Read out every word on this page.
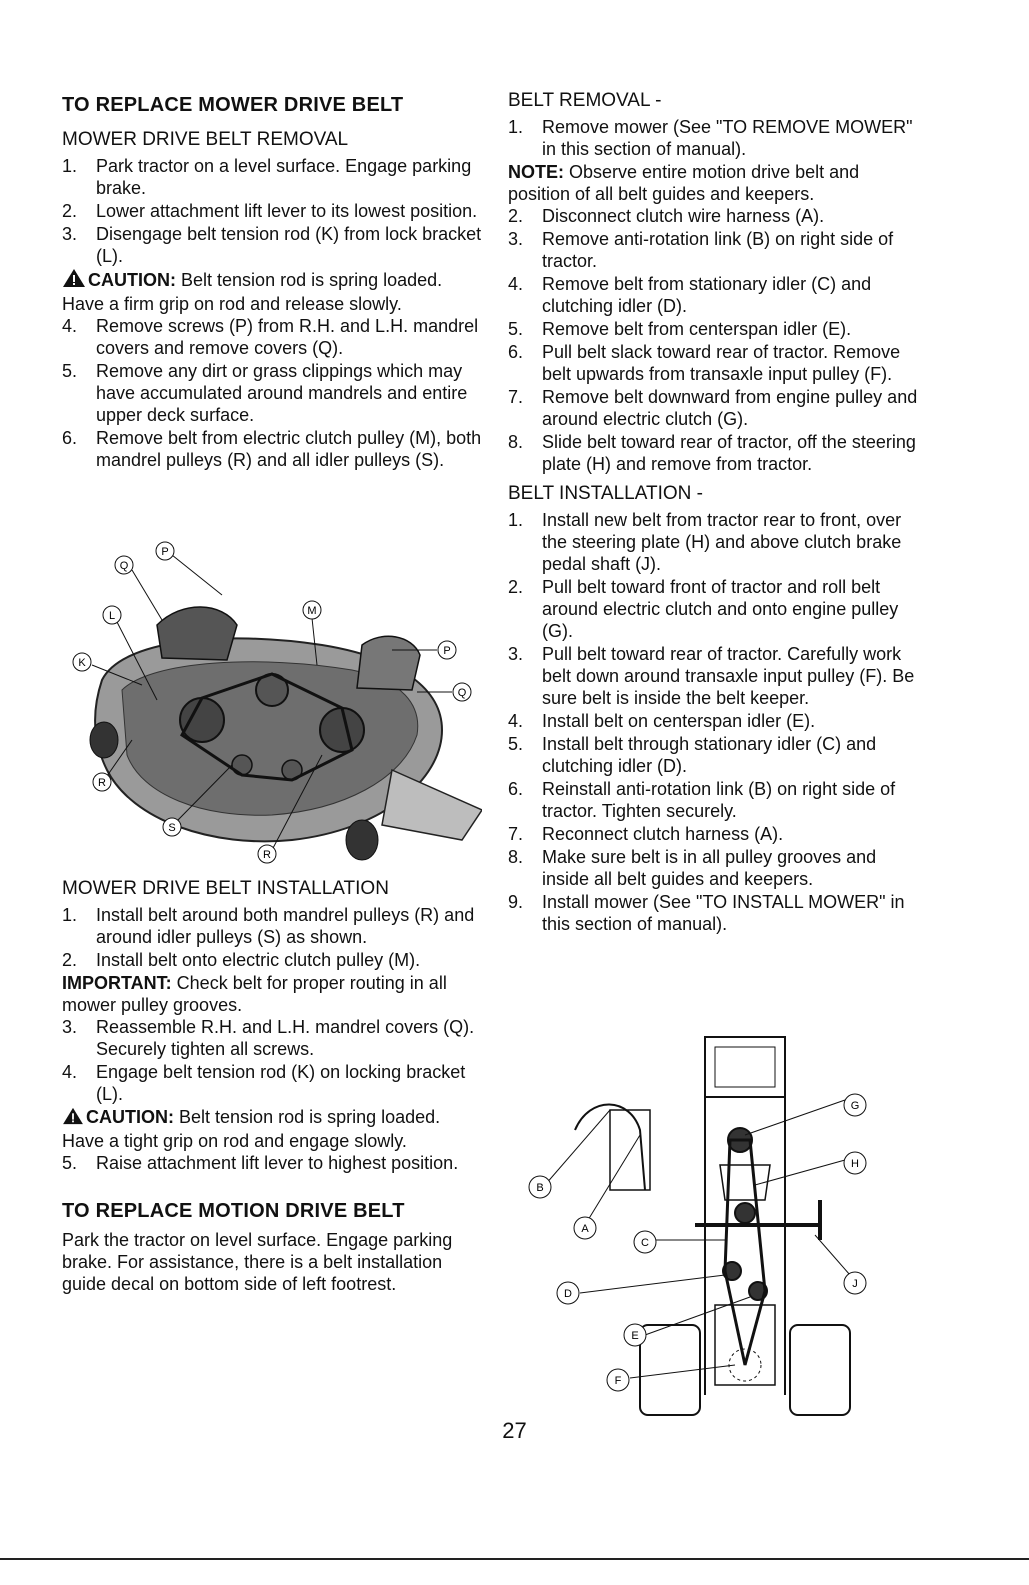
TO REPLACE MOWER DRIVE BELT
MOWER DRIVE BELT REMOVAL
1.	Park tractor on a level surface. Engage parking brake.
2.	Lower attachment lift lever to its lowest position.
3.	Disengage belt tension rod (K) from lock bracket (L).

CAUTION: Belt tension rod is spring loaded. Have a firm grip on rod and release slowly.

4.	Remove screws (P) from R.H. and L.H. mandrel covers and remove covers (Q).
5.	Remove any dirt or grass clippings which may have accumulated around mandrels and entire upper deck surface.
6.	Remove belt from electric clutch pulley (M), both mandrel pulleys (R) and all idler pulleys (S).
Q
P
L	M
P
K
Q
R
S
R
MOWER DRIVE BELT INSTALLATION
1.	Install belt around both mandrel pulleys (R) and around idler pulleys (S) as shown.
2.	Install belt onto electric clutch pulley (M).

IMPORTANT: Check belt for proper routing in all mower pulley grooves.

3.	Reassemble R.H. and L.H. mandrel covers (Q). Securely tighten all screws.
4.	Engage belt tension rod (K) on locking bracket (L).

CAUTION: Belt tension rod is spring loaded. Have a tight grip on rod and engage slowly.

5.	Raise attachment lift lever to highest position.
TO REPLACE MOTION DRIVE BELT

Park the tractor on level surface. Engage parking brake. For assistance, there is a belt installation guide decal on bottom side of left footrest.

BELT REMOVAL -
1.	Remove mower (See "TO REMOVE MOWER" in this section of manual).

NOTE: Observe entire motion drive belt and position of all belt guides and keepers.

2.	Disconnect clutch wire harness (A).
3.	Remove anti-rotation link (B) on right side of tractor.
4.	Remove belt from stationary idler (C) and clutching idler (D).
5.	Remove belt from centerspan idler (E).
6.	Pull belt slack toward rear of tractor. Remove belt upwards from transaxle input pulley (F).
7.	Remove belt downward from engine pulley and around electric clutch (G).
8.	Slide belt toward rear of tractor, off the steering plate (H) and remove from tractor.
BELT INSTALLATION -
1.	Install new belt from tractor rear to front, over the steering plate (H) and above clutch brake pedal shaft (J).
2.	Pull belt toward front of tractor and roll belt around electric clutch and onto engine pulley (G).
3.	Pull belt toward rear of tractor. Carefully work belt down around transaxle input pulley (F). Be sure belt is inside the belt keeper.
4.	Install belt on centerspan idler (E).
5.	Install belt through stationary idler (C) and clutching idler (D).
6.	Reinstall anti-rotation link (B) on right side of tractor. Tighten securely.
7.	Reconnect clutch harness (A).
8.	Make sure belt is in all pulley grooves and inside all belt guides and keepers.
9.	Install mower (See "TO INSTALL MOWER" in this section of manual).
G
H
B
A
C
J
D
E
F
27
